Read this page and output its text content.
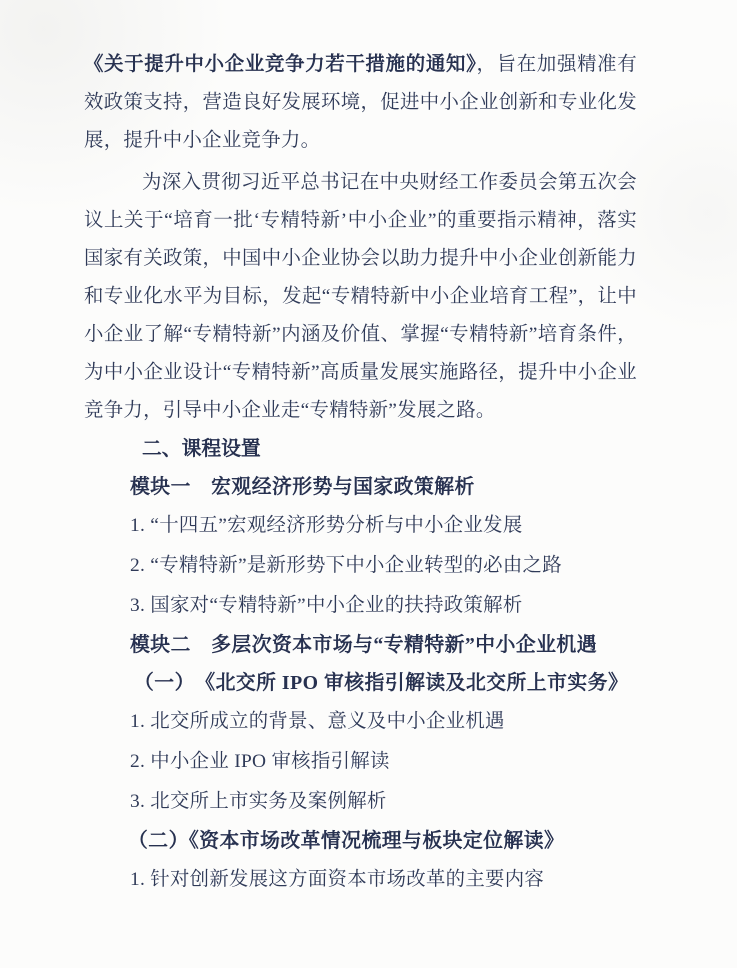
《关于提升中小企业竞争力若干措施的通知》，旨在加强精准有效政策支持，营造良好发展环境，促进中小企业创新和专业化发展，提升中小企业竞争力。

为深入贯彻习近平总书记在中央财经工作委员会第五次会议上关于“培育一批‘专精特新’中小企业”的重要指示精神，落实国家有关政策，中国中小企业协会以助力提升中小企业创新能力和专业化水平为目标，发起“专精特新中小企业培育工程”，让中小企业了解“专精特新”内涵及价值、掌握“专精特新”培育条件，为中小企业设计“专精特新”高质量发展实施路径，提升中小企业竞争力，引导中小企业走“专精特新”发展之路。

二、课程设置
模块一　宏观经济形势与国家政策解析
1. “十四五”宏观经济形势分析与中小企业发展
2. “专精特新”是新形势下中小企业转型的必由之路
3. 国家对“专精特新”中小企业的扶持政策解析
模块二　多层次资本市场与“专精特新”中小企业机遇
（一）　《北交所 IPO 审核指引解读及北交所上市实务》
1. 北交所成立的背景、意义及中小企业机遇
2. 中小企业 IPO 审核指引解读
3. 北交所上市实务及案例解析
（二）《资本市场改革情况梳理与板块定位解读》
1. 针对创新发展这方面资本市场改革的主要内容
